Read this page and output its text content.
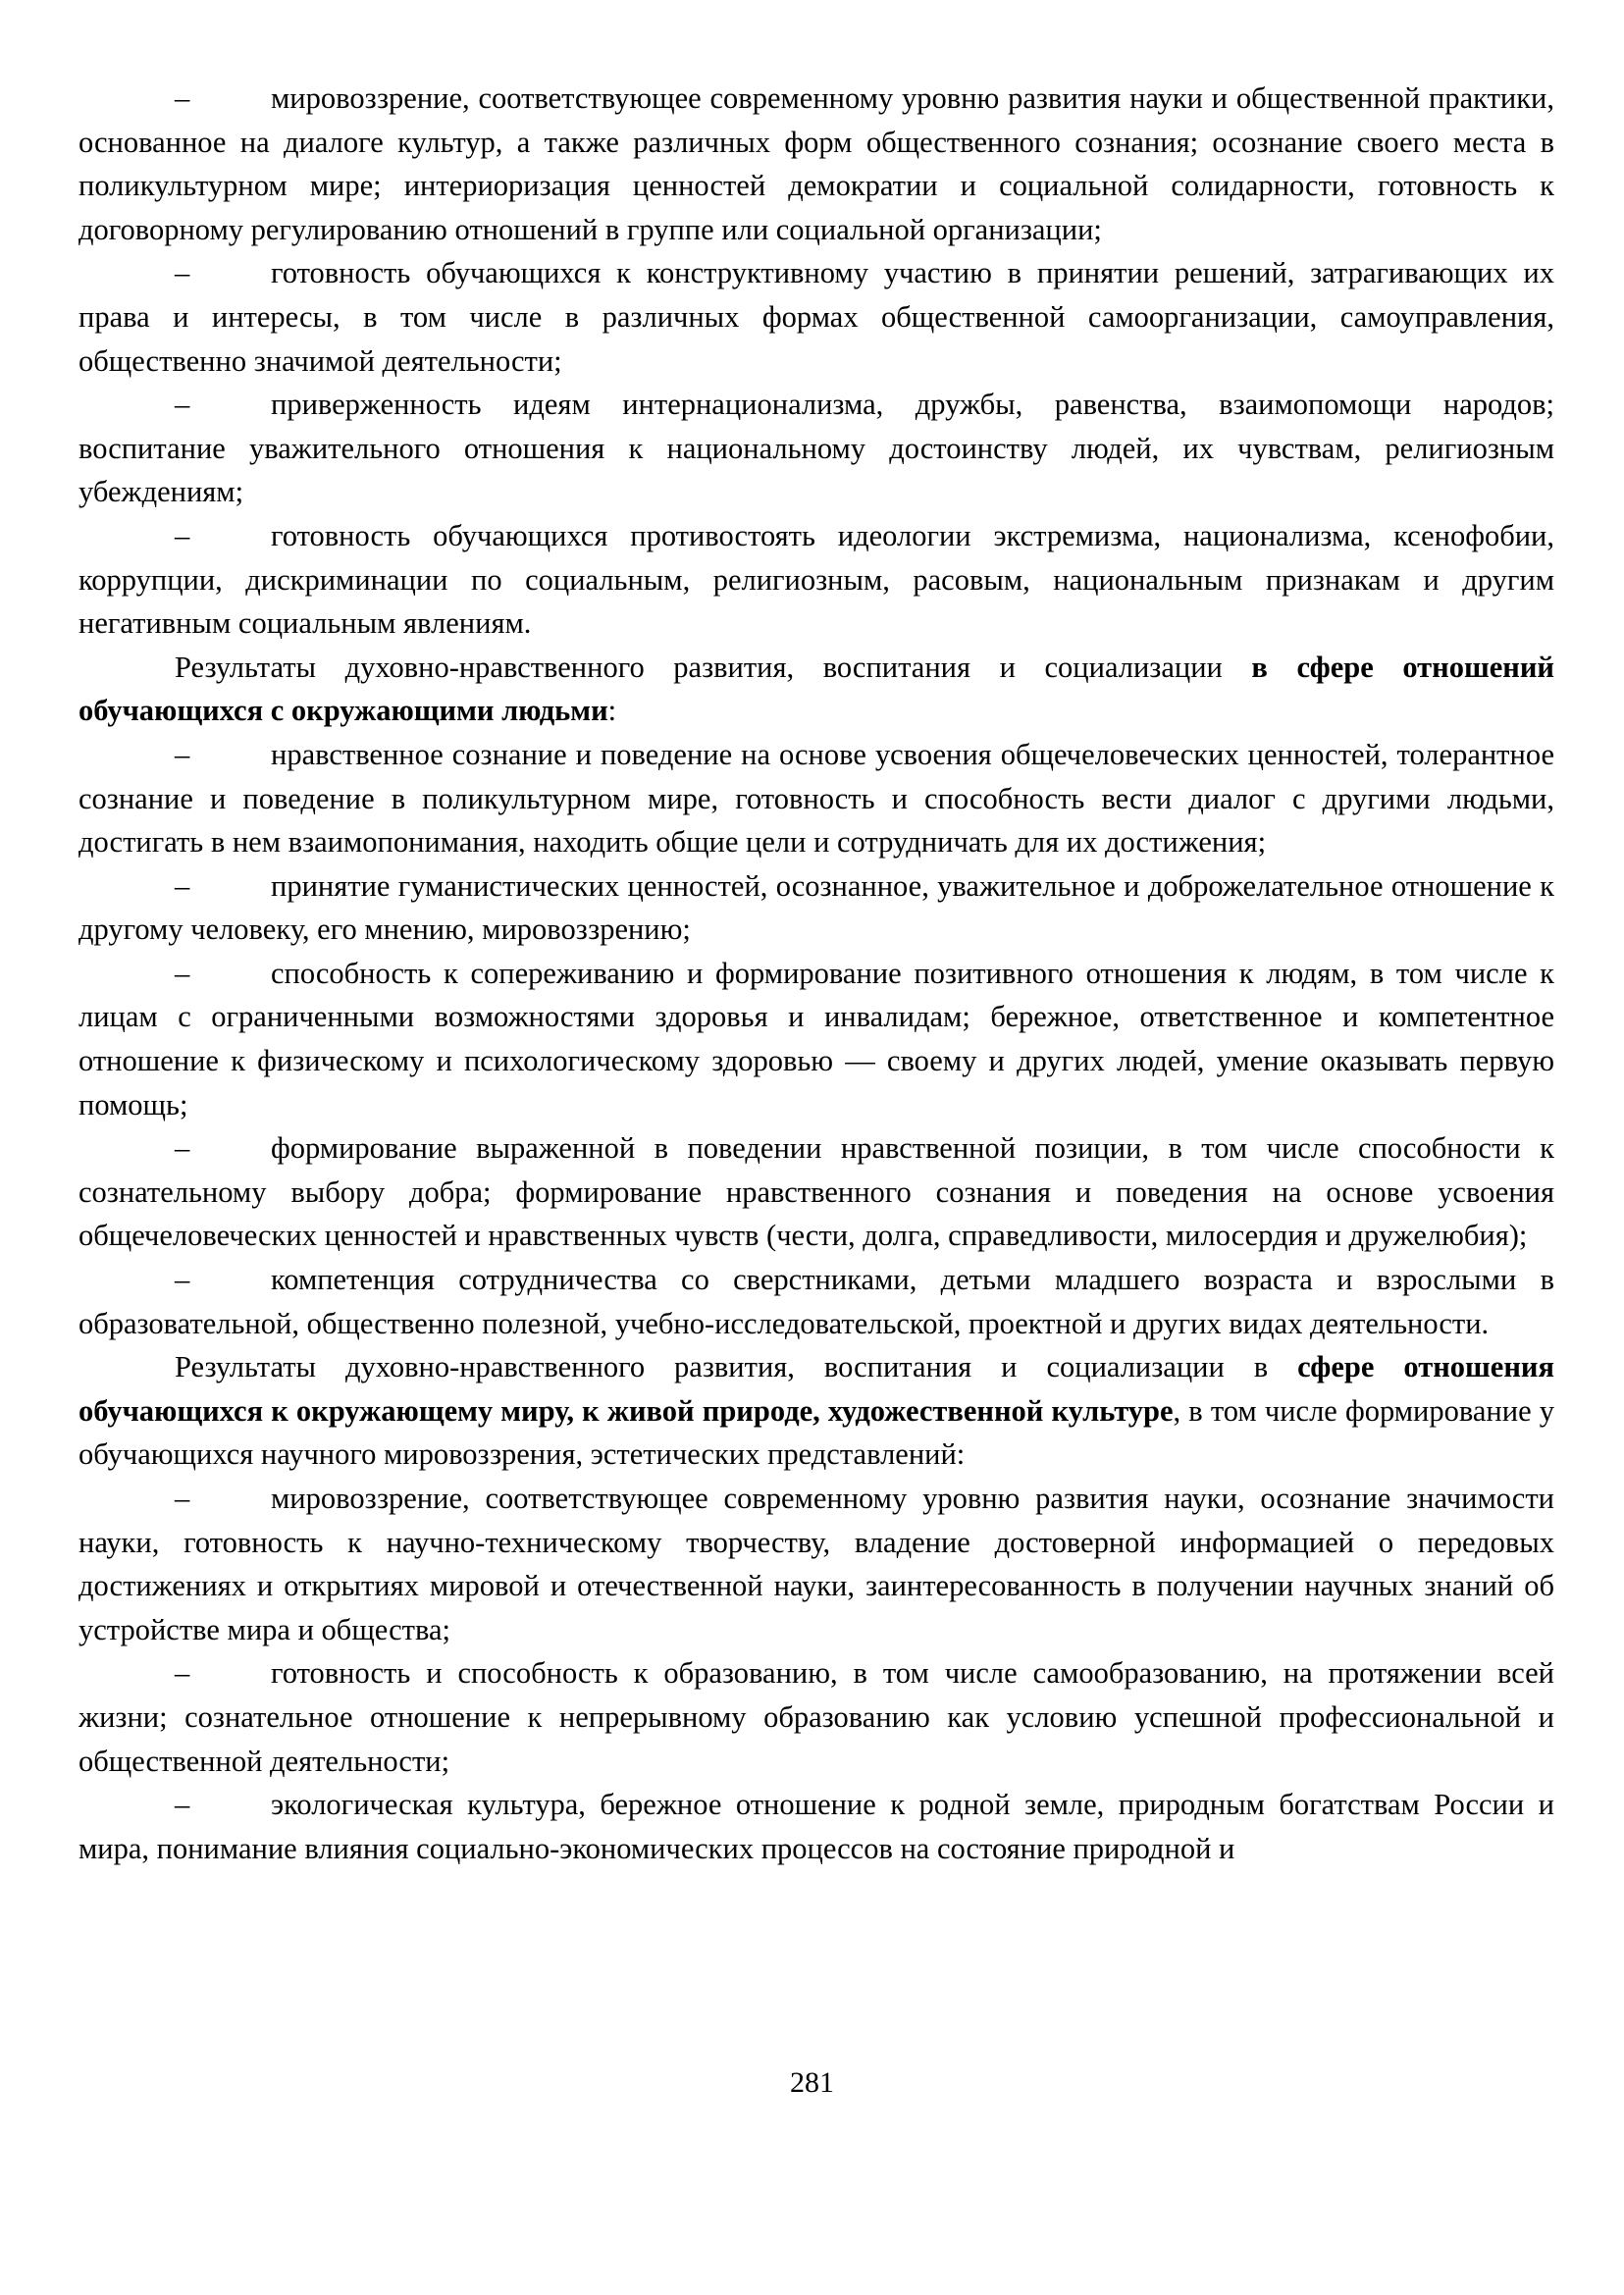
–	мировоззрение, соответствующее современному уровню развития науки и общественной практики, основанное на диалоге культур, а также различных форм общественного сознания; осознание своего места в поликультурном мире; интериоризация ценностей демократии и социальной солидарности, готовность к договорному регулированию отношений в группе или социальной организации;

–	готовность обучающихся к конструктивному участию в принятии решений, затрагивающих их права и интересы, в том числе в различных формах общественной самоорганизации, самоуправления, общественно значимой деятельности;

–	приверженность идеям интернационализма, дружбы, равенства, взаимопомощи народов; воспитание уважительного отношения к национальному достоинству людей, их чувствам, религиозным убеждениям;

–	готовность обучающихся противостоять идеологии экстремизма, национализма, ксенофобии, коррупции, дискриминации по социальным, религиозным, расовым, национальным признакам и другим негативным социальным явлениям.

Результаты духовно-нравственного развития, воспитания и социализации в сфере отношений обучающихся с окружающими людьми:

–	нравственное сознание и поведение на основе усвоения общечеловеческих ценностей, толерантное сознание и поведение в поликультурном мире, готовность и способность вести диалог с другими людьми, достигать в нем взаимопонимания, находить общие цели и сотрудничать для их достижения;

–	принятие гуманистических ценностей, осознанное, уважительное и доброжелательное отношение к другому человеку, его мнению, мировоззрению;

–	способность к сопереживанию и формирование позитивного отношения к людям, в том числе к лицам с ограниченными возможностями здоровья и инвалидам; бережное, ответственное и компетентное отношение к физическому и психологическому здоровью — своему и других людей, умение оказывать первую помощь;

–	формирование выраженной в поведении нравственной позиции, в том числе способности к сознательному выбору добра; формирование нравственного сознания и поведения на основе усвоения общечеловеческих ценностей и нравственных чувств (чести, долга, справедливости, милосердия и дружелюбия);

–	компетенция сотрудничества со сверстниками, детьми младшего возраста и взрослыми в образовательной, общественно полезной, учебно-исследовательской, проектной и других видах деятельности.

Результаты духовно-нравственного развития, воспитания и социализации в сфере отношения обучающихся к окружающему миру, к живой природе, художественной культуре, в том числе формирование у обучающихся научного мировоззрения, эстетических представлений:

–	мировоззрение, соответствующее современному уровню развития науки, осознание значимости науки, готовность к научно-техническому творчеству, владение достоверной информацией о передовых достижениях и открытиях мировой и отечественной науки, заинтересованность в получении научных знаний об устройстве мира и общества;

–	готовность и способность к образованию, в том числе самообразованию, на протяжении всей жизни; сознательное отношение к непрерывному образованию как условию успешной профессиональной и общественной деятельности;

–	экологическая культура, бережное отношение к родной земле, природным богатствам России и мира, понимание влияния социально-экономических процессов на состояние природной и

281
